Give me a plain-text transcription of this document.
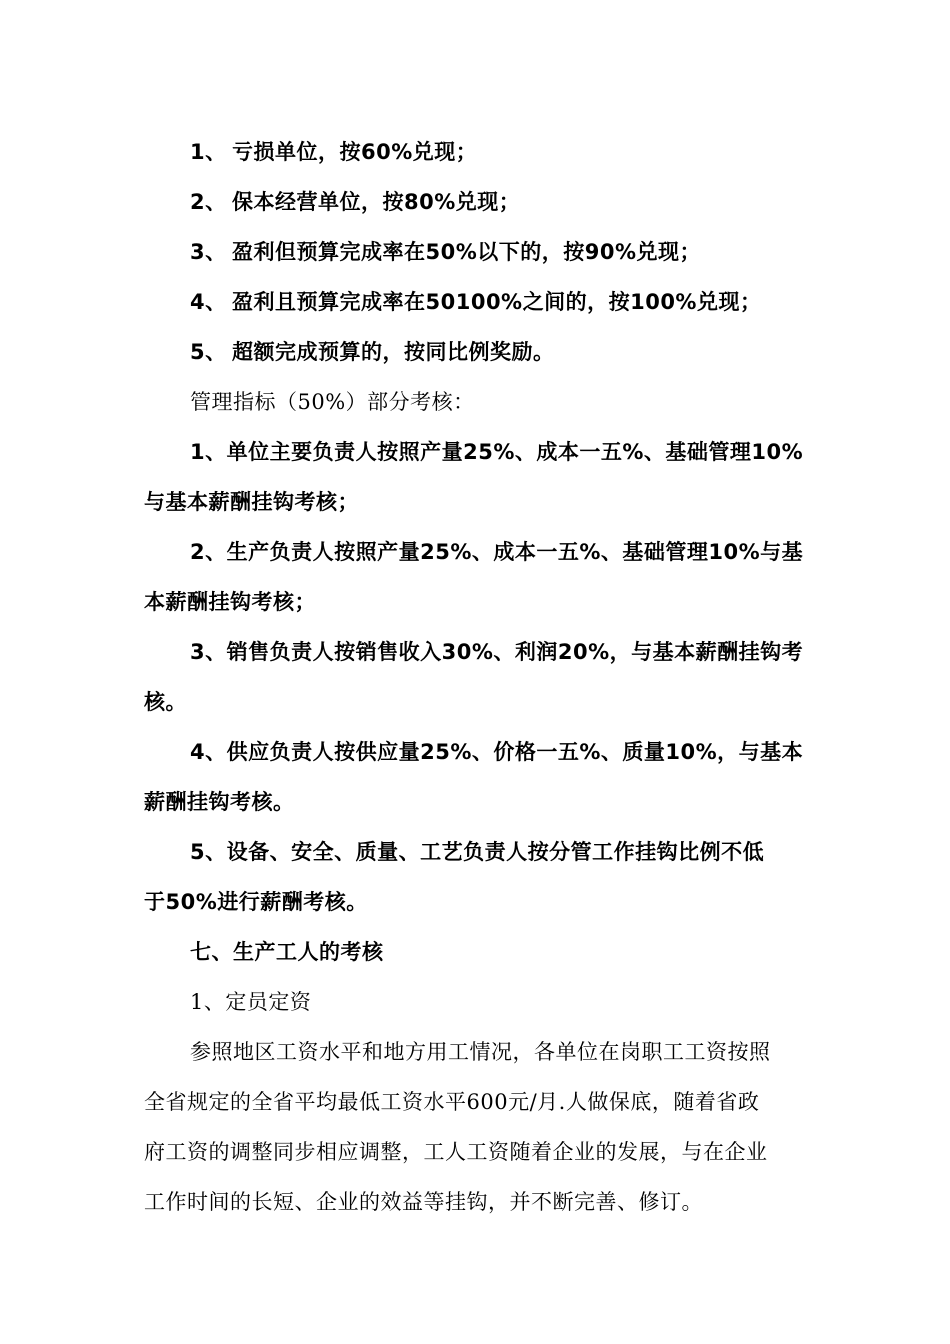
1、 亏损单位，按60%兑现；
2、 保本经营单位，按80%兑现；
3、 盈利但预算完成率在50%以下的，按90%兑现；
4、 盈利且预算完成率在50100%之间的，按100%兑现；
5、 超额完成预算的，按同比例奖励。
管理指标（50%）部分考核：
1、单位主要负责人按照产量25%、成本一五%、基础管理10%
与基本薪酬挂钩考核；
2、生产负责人按照产量25%、成本一五%、基础管理10%与基
本薪酬挂钩考核；
3、销售负责人按销售收入30%、利润20%，与基本薪酬挂钩考
核。
4、供应负责人按供应量25%、价格一五%、质量10%，与基本
薪酬挂钩考核。
5、设备、安全、质量、工艺负责人按分管工作挂钩比例不低
于50%进行薪酬考核。
七、生产工人的考核
1、定员定资
参照地区工资水平和地方用工情况，各单位在岗职工工资按照
全省规定的全省平均最低工资水平600元/月.人做保底，随着省政
府工资的调整同步相应调整，工人工资随着企业的发展，与在企业
工作时间的长短、企业的效益等挂钩，并不断完善、修订。
